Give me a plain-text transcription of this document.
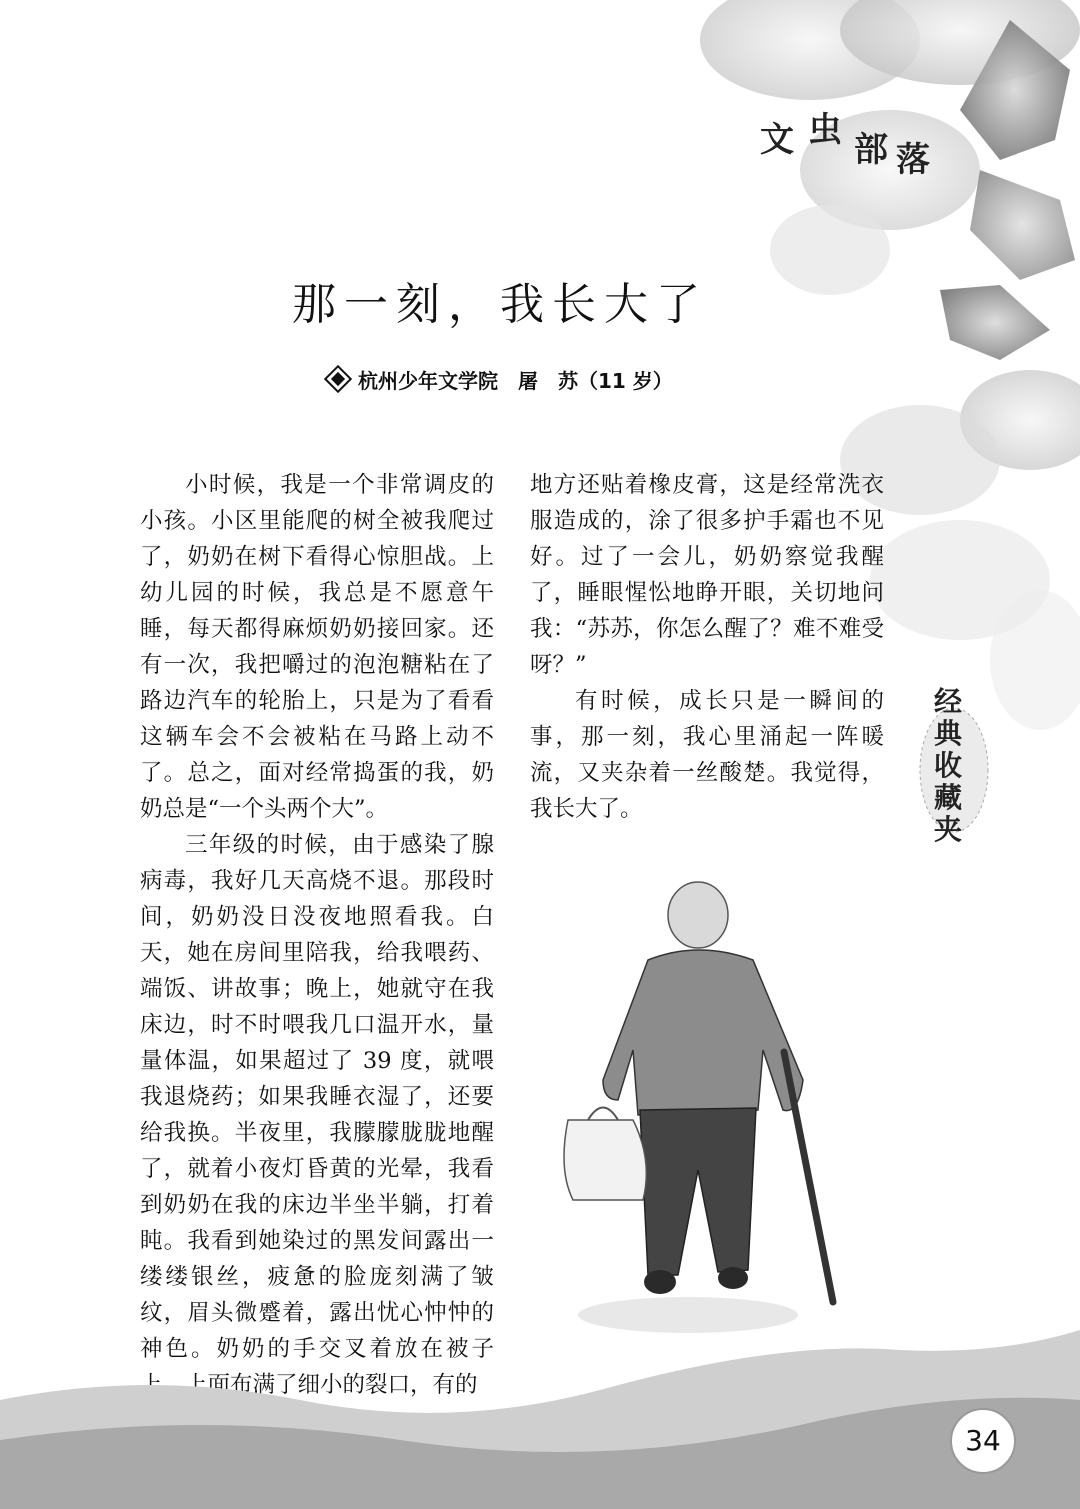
文 虫 部 落
那一刻，我长大了
杭州少年文学院　屠　苏（11 岁）

小时候，我是一个非常调皮的小孩。小区里能爬的树全被我爬过了，奶奶在树下看得心惊胆战。上幼儿园的时候，我总是不愿意午睡，每天都得麻烦奶奶接回家。还有一次，我把嚼过的泡泡糖粘在了路边汽车的轮胎上，只是为了看看这辆车会不会被粘在马路上动不了。总之，面对经常捣蛋的我，奶奶总是“一个头两个大”。

三年级的时候，由于感染了腺病毒，我好几天高烧不退。那段时间，奶奶没日没夜地照看我。白天，她在房间里陪我，给我喂药、端饭、讲故事；晚上，她就守在我床边，时不时喂我几口温开水，量量体温，如果超过了 39 度，就喂我退烧药；如果我睡衣湿了，还要给我换。半夜里，我朦朦胧胧地醒了，就着小夜灯昏黄的光晕，我看到奶奶在我的床边半坐半躺，打着盹。我看到她染过的黑发间露出一缕缕银丝，疲惫的脸庞刻满了皱纹，眉头微蹙着，露出忧心忡忡的神色。奶奶的手交叉着放在被子上，上面布满了细小的裂口，有的

地方还贴着橡皮膏，这是经常洗衣服造成的，涂了很多护手霜也不见好。过了一会儿，奶奶察觉我醒了，睡眼惺忪地睁开眼，关切地问我：“苏苏，你怎么醒了？难不难受呀？”

有时候，成长只是一瞬间的事，那一刻，我心里涌起一阵暖流，又夹杂着一丝酸楚。我觉得，我长大了。

经
典
收
藏
夹
34
